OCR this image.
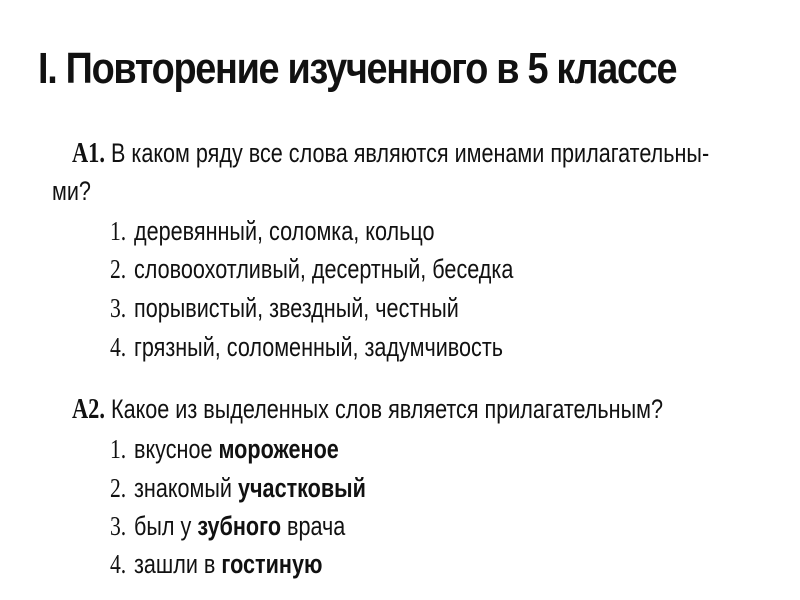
I. Повторение изученного в 5 классе
А1. В каком ряду все слова являются именами прилагательны-
ми?
1. деревянный, соломка, кольцо
2. словоохотливый, десертный, беседка
3. порывистый, звездный, честный
4. грязный, соломенный, задумчивость
А2. Какое из выделенных слов является прилагательным?
1. вкусное мороженое
2. знакомый участковый
3. был у зубного врача
4. зашли в гостиную
